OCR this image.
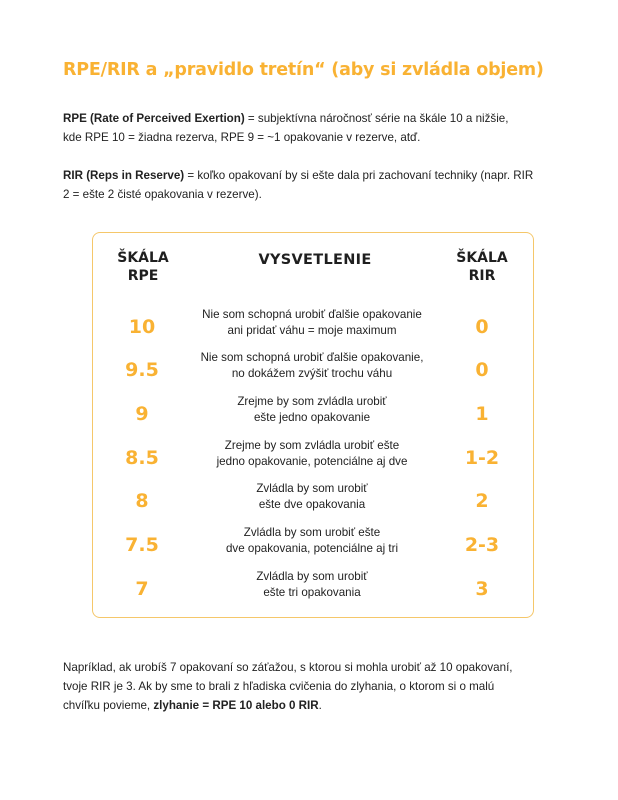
RPE/RIR a „pravidlo tretín“ (aby si zvládla objem)
RPE (Rate of Perceived Exertion) = subjektívna náročnosť série na škále 10 a nižšie,
kde RPE 10 = žiadna rezerva, RPE 9 = ~1 opakovanie v rezerve, atď.
RIR (Reps in Reserve) = koľko opakovaní by si ešte dala pri zachovaní techniky (napr. RIR
2 = ešte 2 čisté opakovania v rezerve).
ŠKÁLA
RPE
VYSVETLENIE	ŠKÁLA
RIR
10
Nie som schopná urobiť ďalšie opakovanie
ani pridať váhu = moje maximum	0
9.5
Nie som schopná urobiť ďalšie opakovanie,
no dokážem zvýšiť trochu váhu	0
9
Zrejme by som zvládla urobiť
ešte jedno opakovanie	1
8.5
Zrejme by som zvládla urobiť ešte
jedno opakovanie, potenciálne aj dve	1-2
8
Zvládla by som urobiť
ešte dve opakovania	2
7.5
Zvládla by som urobiť ešte
dve opakovania, potenciálne aj tri	2-3
7
Zvládla by som urobiť
ešte tri opakovania	3
Napríklad, ak urobíš 7 opakovaní so záťažou, s ktorou si mohla urobiť až 10 opakovaní,
tvoje RIR je 3. Ak by sme to brali z hľadiska cvičenia do zlyhania, o ktorom si o malú
chvíľku povieme, zlyhanie = RPE 10 alebo 0 RIR.
